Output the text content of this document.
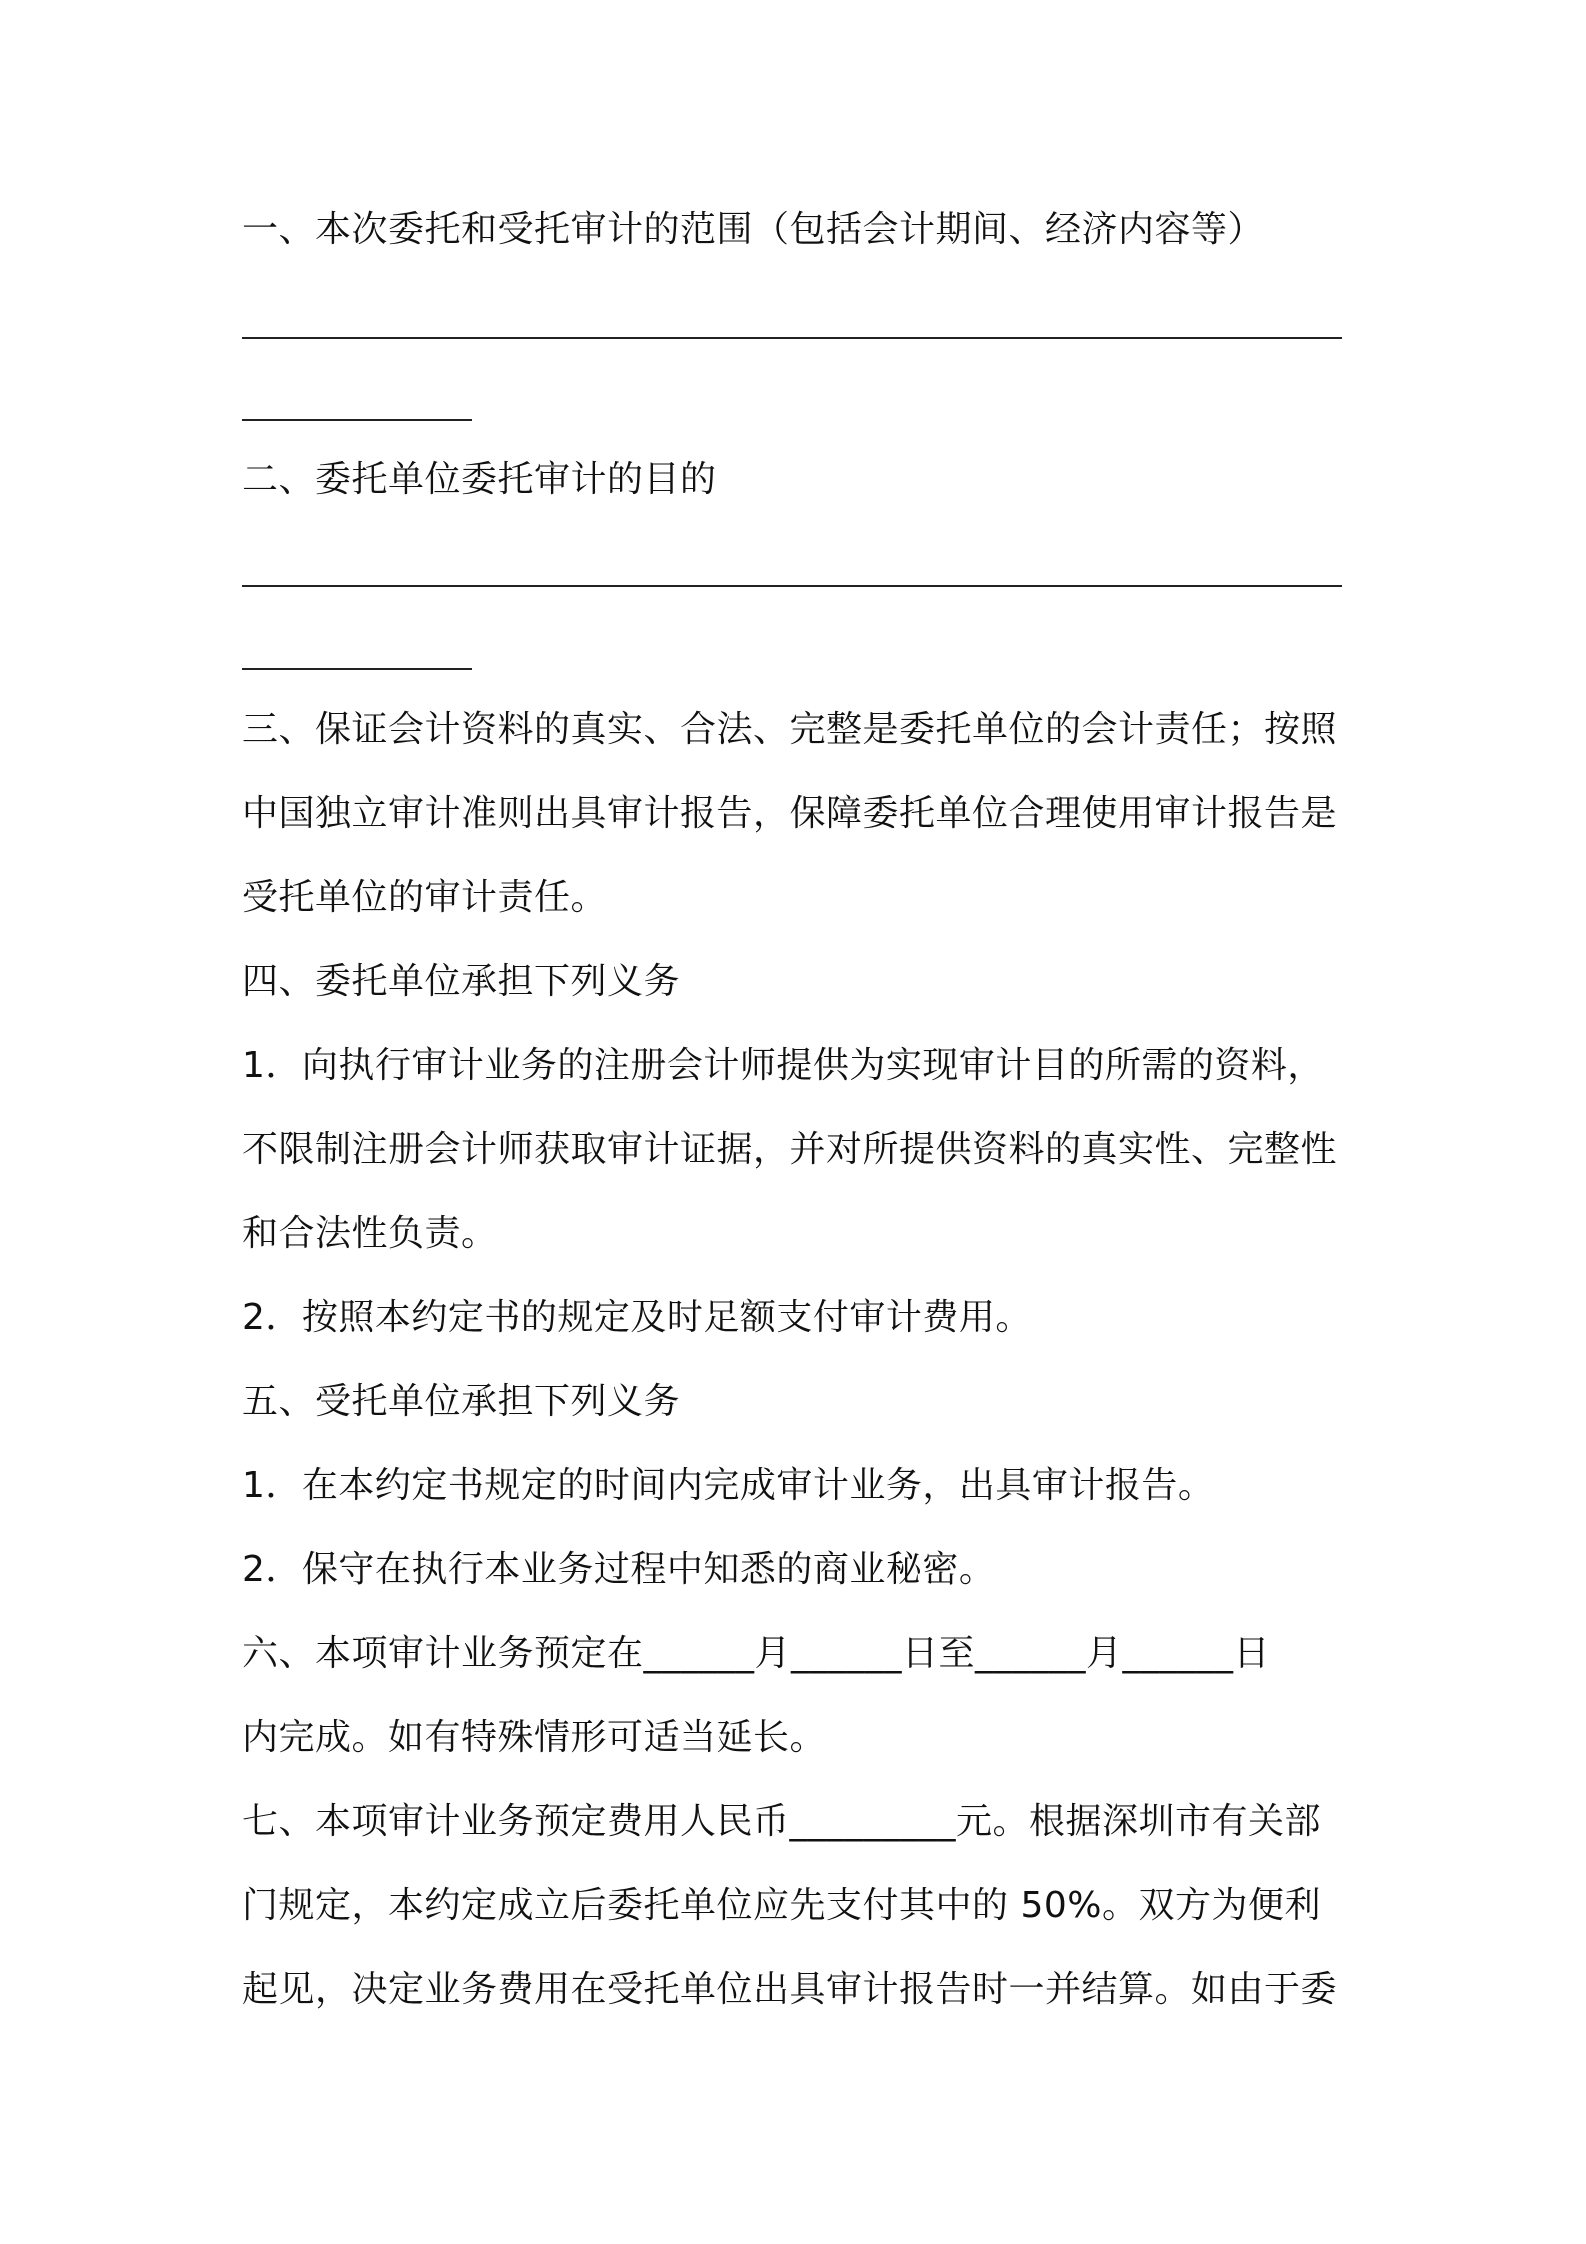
一、本次委托和受托审计的范围（包括会计期间、经济内容等）
二、委托单位委托审计的目的
三、保证会计资料的真实、合法、完整是委托单位的会计责任；按照
中国独立审计准则出具审计报告，保障委托单位合理使用审计报告是
受托单位的审计责任。
四、委托单位承担下列义务
1．向执行审计业务的注册会计师提供为实现审计目的所需的资料，
不限制注册会计师获取审计证据，并对所提供资料的真实性、完整性
和合法性负责。
2．按照本约定书的规定及时足额支付审计费用。
五、受托单位承担下列义务
1．在本约定书规定的时间内完成审计业务，出具审计报告。
2．保守在执行本业务过程中知悉的商业秘密。
六、本项审计业务预定在______月______日至______月______日
内完成。如有特殊情形可适当延长。
七、本项审计业务预定费用人民币_________元。根据深圳市有关部
门规定，本约定成立后委托单位应先支付其中的 50%。双方为便利
起见，决定业务费用在受托单位出具审计报告时一并结算。如由于委
